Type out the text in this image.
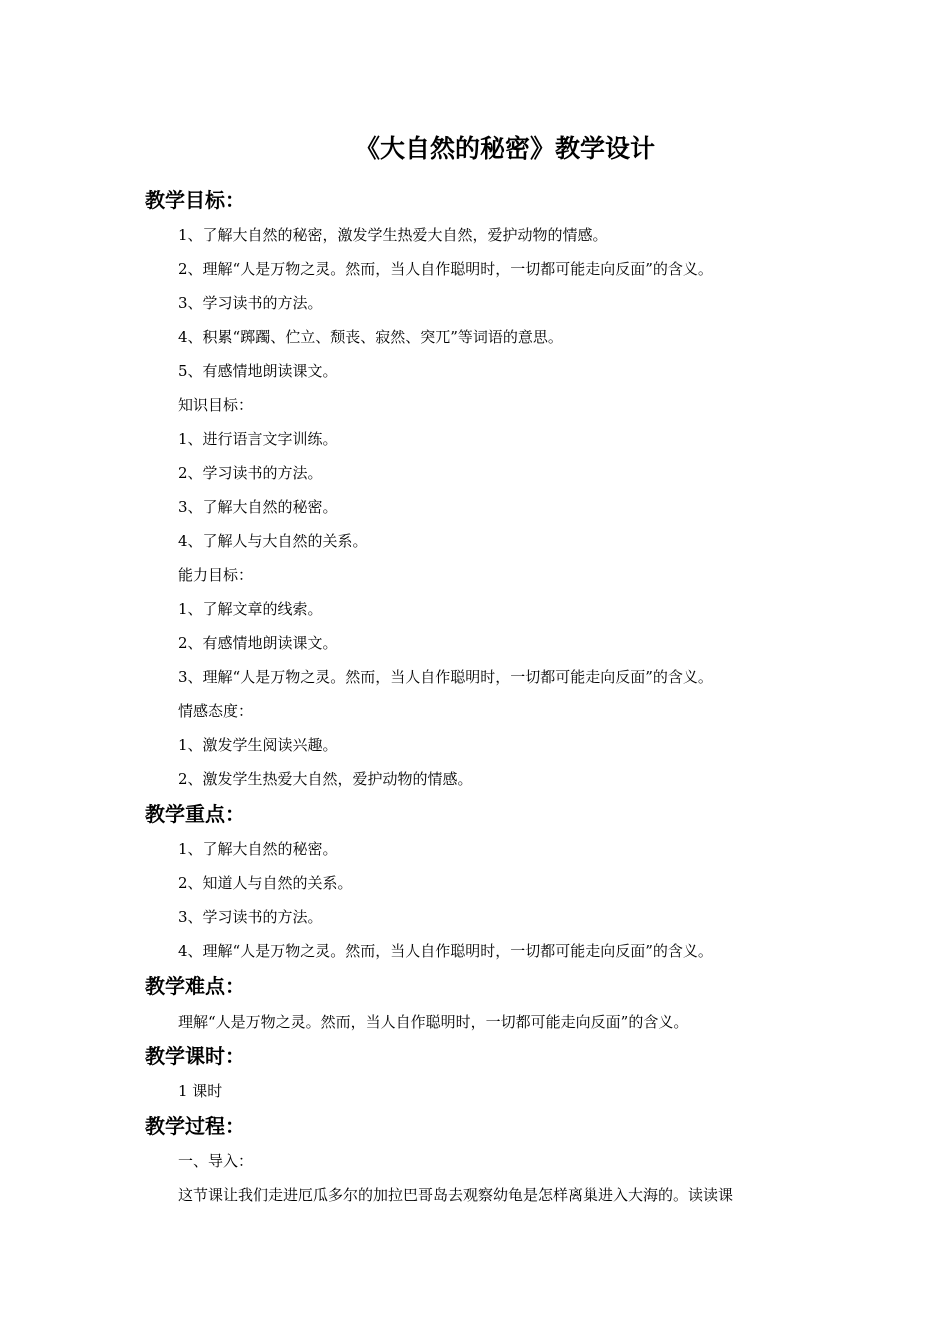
《大自然的秘密》教学设计
教学目标：
1、了解大自然的秘密，激发学生热爱大自然，爱护动物的情感。
2、理解“人是万物之灵。然而，当人自作聪明时，一切都可能走向反面”的含义。
3、学习读书的方法。
4、积累“踯躅、伫立、颓丧、寂然、突兀”等词语的意思。
5、有感情地朗读课文。
知识目标：
1、进行语言文字训练。
2、学习读书的方法。
3、了解大自然的秘密。
4、了解人与大自然的关系。
能力目标：
1、了解文章的线索。
2、有感情地朗读课文。
3、理解“人是万物之灵。然而，当人自作聪明时，一切都可能走向反面”的含义。
情感态度：
1、激发学生阅读兴趣。
2、激发学生热爱大自然，爱护动物的情感。
教学重点：
1、了解大自然的秘密。
2、知道人与自然的关系。
3、学习读书的方法。
4、理解“人是万物之灵。然而，当人自作聪明时，一切都可能走向反面”的含义。
教学难点：
理解“人是万物之灵。然而，当人自作聪明时，一切都可能走向反面”的含义。
教学课时：
1 课时
教学过程：
一、导入：
这节课让我们走进厄瓜多尔的加拉巴哥岛去观察幼龟是怎样离巢进入大海的。读读课
